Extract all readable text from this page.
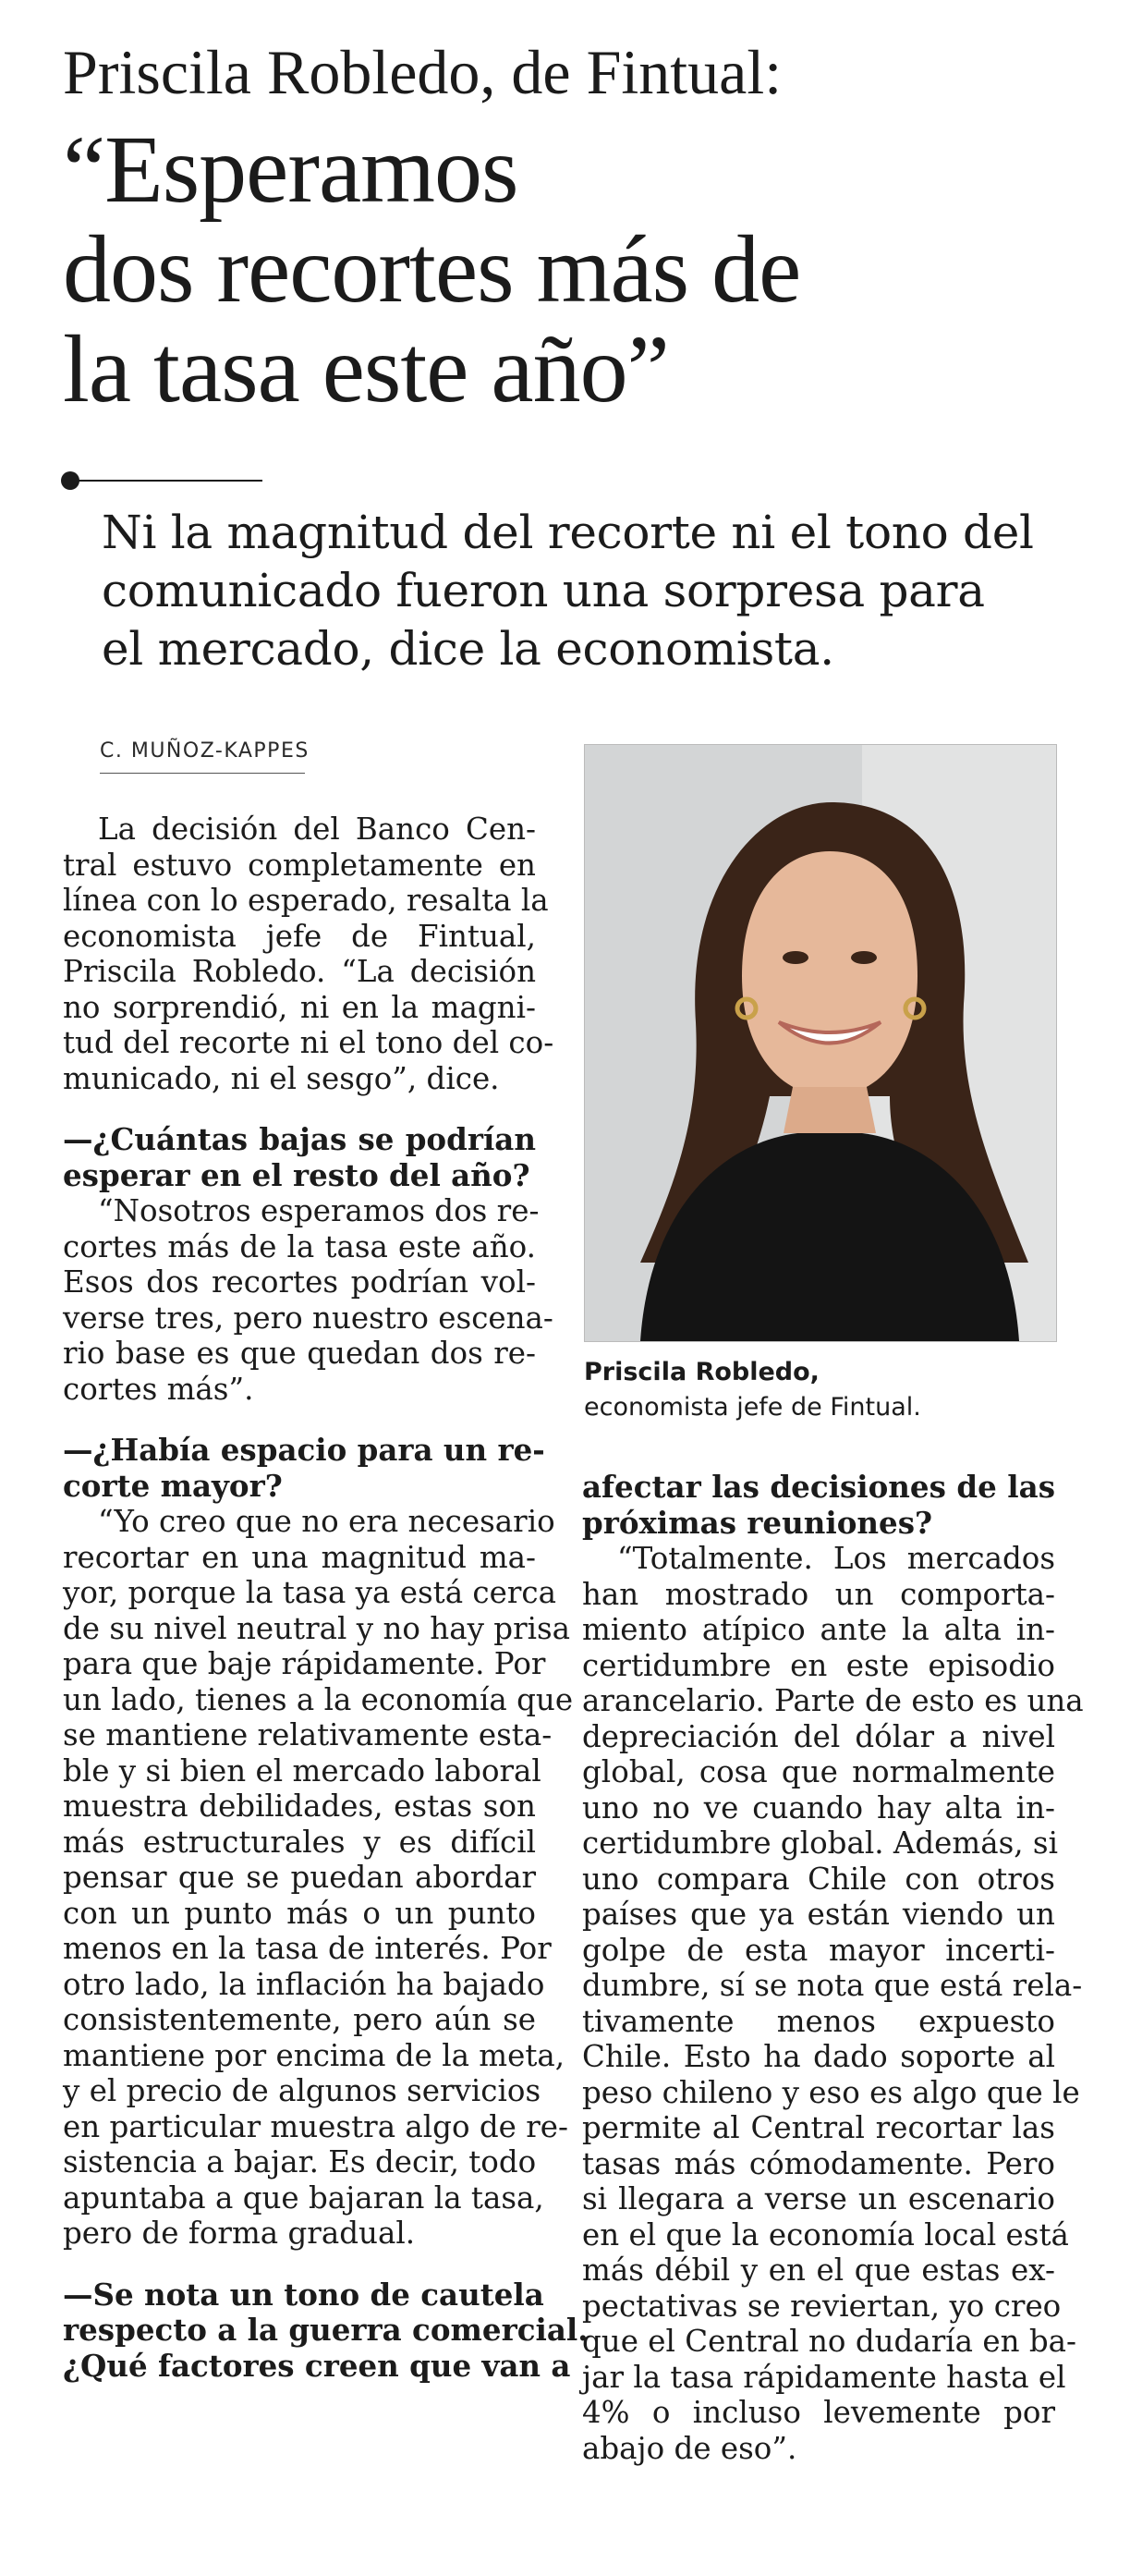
Priscila Robledo, de Fintual:
“Esperamos
dos recortes más de
la tasa este año”
Ni la magnitud del recorte ni el tono del
comunicado fueron una sorpresa para
el mercado, dice la economista.
C. MUÑOZ-KAPPES
La decisión del Banco Cen-
tral estuvo completamente en
línea con lo esperado, resalta la
economista jefe de Fintual,
Priscila Robledo. “La decisión
no sorprendió, ni en la magni-
tud del recorte ni el tono del co-
municado, ni el sesgo”, dice.
—¿Cuántas bajas se podrían
esperar en el resto del año?
“Nosotros esperamos dos re-
cortes más de la tasa este año.
Esos dos recortes podrían vol-
verse tres, pero nuestro escena-
rio base es que quedan dos re-
cortes más”.
—¿Había espacio para un re-
corte mayor?
“Yo creo que no era necesario
recortar en una magnitud ma-
yor, porque la tasa ya está cerca
de su nivel neutral y no hay prisa
para que baje rápidamente. Por
un lado, tienes a la economía que
se mantiene relativamente esta-
ble y si bien el mercado laboral
muestra debilidades, estas son
más estructurales y es difícil
pensar que se puedan abordar
con un punto más o un punto
menos en la tasa de interés. Por
otro lado, la inflación ha bajado
consistentemente, pero aún se
mantiene por encima de la meta,
y el precio de algunos servicios
en particular muestra algo de re-
sistencia a bajar. Es decir, todo
apuntaba a que bajaran la tasa,
pero de forma gradual.
—Se nota un tono de cautela
respecto a la guerra comercial.
¿Qué factores creen que van a
Priscila Robledo,
economista jefe de Fintual.
afectar las decisiones de las
próximas reuniones?
“Totalmente. Los mercados
han mostrado un comporta-
miento atípico ante la alta in-
certidumbre en este episodio
arancelario. Parte de esto es una
depreciación del dólar a nivel
global, cosa que normalmente
uno no ve cuando hay alta in-
certidumbre global. Además, si
uno compara Chile con otros
países que ya están viendo un
golpe de esta mayor incerti-
dumbre, sí se nota que está rela-
tivamente menos expuesto
Chile. Esto ha dado soporte al
peso chileno y eso es algo que le
permite al Central recortar las
tasas más cómodamente. Pero
si llegara a verse un escenario
en el que la economía local está
más débil y en el que estas ex-
pectativas se reviertan, yo creo
que el Central no dudaría en ba-
jar la tasa rápidamente hasta el
4% o incluso levemente por
abajo de eso”.
